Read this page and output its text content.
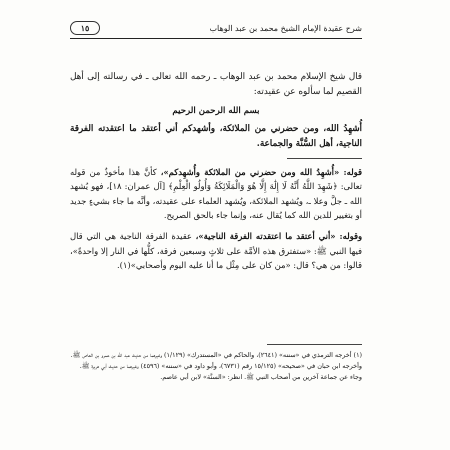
شرح عقيدة الإمام الشيخ محمد بن عبد الوهاب
١٥

قال شيخ الإسلام محمد بن عبد الوهاب ـ رحمه الله تعالى ـ في رسالته إلى أهل القصيم لما سألوه عن عقيدته:

بسم الله الرحمن الرحيم

أُشهِدُ الله، ومن حضرني من الملائكة، وأشهدكم أني أعتقد ما اعتقدته الفرقة الناجية، أهل السُّنَّة والجماعة.

قوله: «أُشهِدُ الله ومن حضرني من الملائكة وأُشهِدكم»، كأنَّ هذا مأخوذٌ من قوله تعالى: ﴿شَهِدَ اللَّهُ أَنَّهُ لَا إِلَٰهَ إِلَّا هُوَ وَالْمَلَائِكَةُ وَأُولُو الْعِلْمِ﴾ [آل عمران: ١٨]، فهو يُشهد الله ـ جلَّ وعلا ـ، ويُشهد الملائكة، ويُشهد العلماء على عقيدته، وأنَّه ما جاء بشيءٍ جديد أو بتغيير للدين الله كما يُقال عنه، وإنما جاء بالحق الصريح.

وقوله: «أني أعتقد ما اعتقدته الفرقة الناجية»، عقيدة الفرقة الناجية هي التي قال فيها النبي ﷺ: «ستفترق هذه الأمَّة على ثلاثٍ وسبعين فرقة، كلُّها في النار إلا واحدةً»، قالوا: من هي؟ قال: «من كان على مِثْل ما أنا عليه اليوم وأصحابي»(١).

(١) أخرجه الترمذي في «سننه» (٢٦٤١)، والحاكم في «المستدرك» (١/١٢٩) وغيرهما من حديث عبد الله بن عمرو بن العاص ﷺ.

وأخرجه ابن حبان في «صحيحه» (١٥/١٢٥ رقم (٦٧٣١)، وأبو داود في «سننه» (٤٥٩٦) وغيرهما من حديث أبي هريرة ﷺ.

وجاء عن جماعة آخرين من أصحاب النبي ﷺ. انظر: «السنَّة» لابن أبي عاصم.
